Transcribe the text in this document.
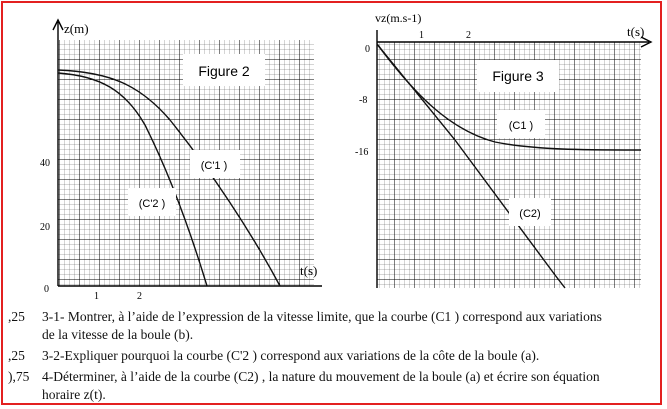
Figure 2
(C'1 )
(C'2 )
z(m)
t(s)
40
20
0
1	2
Figure 3
(C1 )
(C2)
vz(m.s-1)
t(s)
0
-8
-16
1	2
,25 3-1- Montrer, à l’aide de l’expression de la vitesse limite, que la courbe (C1 ) correspond aux variations
de la vitesse de la boule (b).
,25 3-2-Expliquer pourquoi la courbe (C'2 ) correspond aux variations de la côte de la boule (a).
),75 4-Déterminer, à l’aide de la courbe (C2) , la nature du mouvement de la boule (a) et écrire son équation
horaire z(t).
